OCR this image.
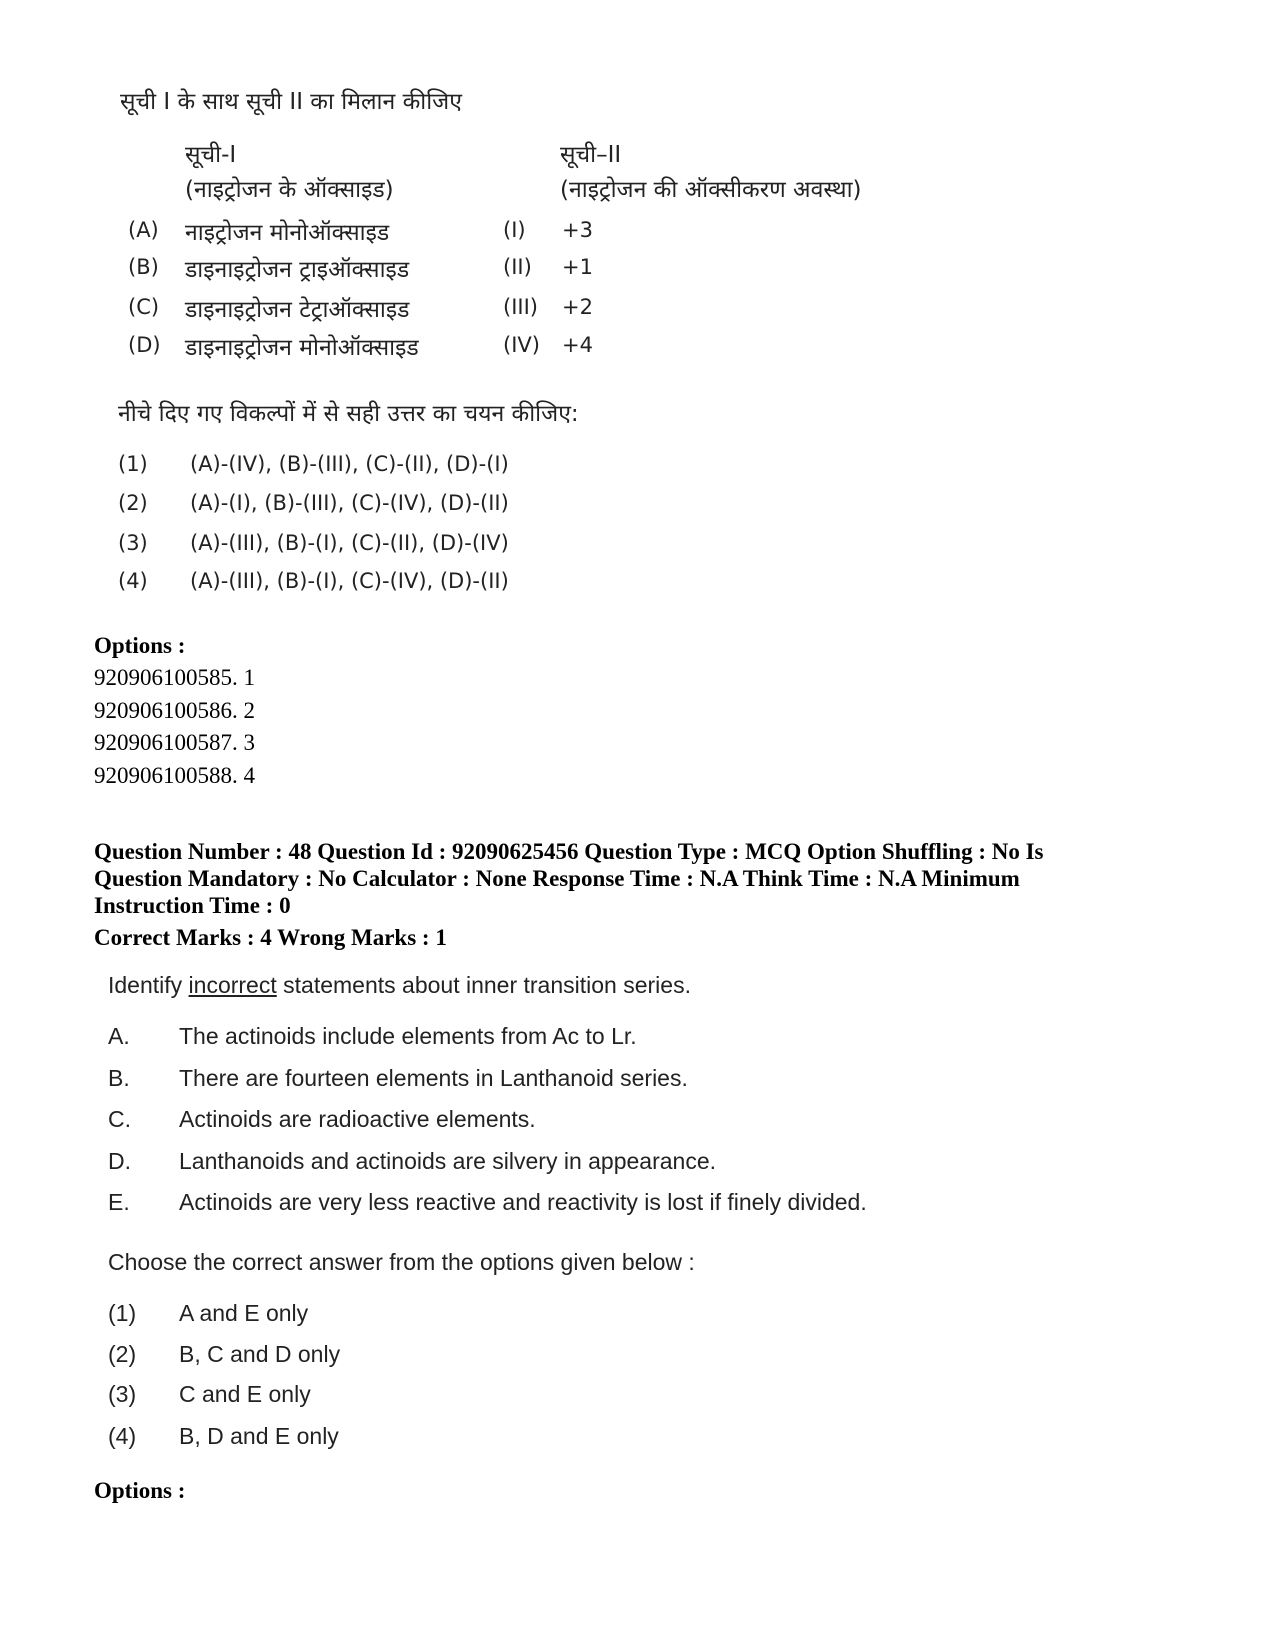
सूची I के साथ सूची II का मिलान कीजिए
सूची-I
(नाइट्रोजन के ऑक्साइड)
सूची–II
(नाइट्रोजन की ऑक्सीकरण अवस्था)
(A) नाइट्रोजन मोनोऑक्साइड	(I) +3
(B) डाइनाइट्रोजन ट्राइऑक्साइड	(II) +1
(C) डाइनाइट्रोजन टेट्राऑक्साइड	(III) +2
(D) डाइनाइट्रोजन मोनोऑक्साइड	(IV) +4
नीचे दिए गए विकल्पों में से सही उत्तर का चयन कीजिए:
(1) (A)-(IV), (B)-(III), (C)-(II), (D)-(I)
(2) (A)-(I), (B)-(III), (C)-(IV), (D)-(II)
(3) (A)-(III), (B)-(I), (C)-(II), (D)-(IV)
(4) (A)-(III), (B)-(I), (C)-(IV), (D)-(II)
Options :
920906100585. 1
920906100586. 2
920906100587. 3
920906100588. 4
Question Number : 48 Question Id : 92090625456 Question Type : MCQ Option Shuffling : No Is
Question Mandatory : No Calculator : None Response Time : N.A Think Time : N.A Minimum
Instruction Time : 0
Correct Marks : 4 Wrong Marks : 1
Identify incorrect statements about inner transition series.
A. The actinoids include elements from Ac to Lr.
B. There are fourteen elements in Lanthanoid series.
C. Actinoids are radioactive elements.
D. Lanthanoids and actinoids are silvery in appearance.
E. Actinoids are very less reactive and reactivity is lost if finely divided.
Choose the correct answer from the options given below :
(1) A and E only
(2) B, C and D only
(3) C and E only
(4) B, D and E only
Options :
